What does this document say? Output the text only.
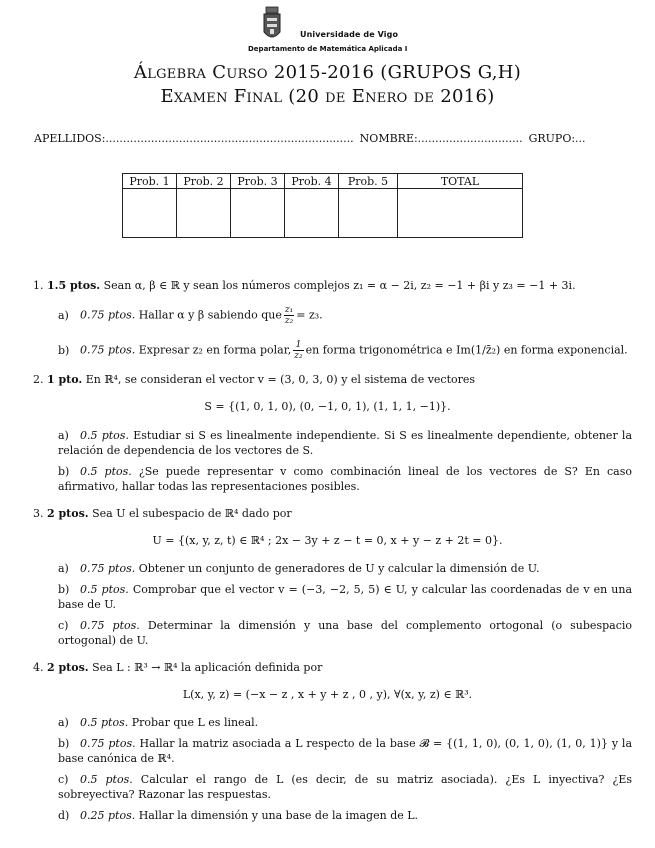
Universidade de Vigo
Departamento de Matemática Aplicada I
Álgebra Curso 2015-2016 (GRUPOS G,H)
Examen Final (20 de Enero de 2016)
APELLIDOS:....................................................................... NOMBRE:.............................. GRUPO:...
Prob. 1	Prob. 2	Prob. 3	Prob. 4	Prob. 5	TOTAL

1. 1.5 ptos. Sean α, β ∈ ℝ y sean los números complejos z₁ = α − 2i, z₂ = −1 + βi y z₃ = −1 + 3i.
a) 0.75 ptos. Hallar α y β sabiendo que $\frac{\text{z₁}}{\text{z₂}} = z_3$.
b) 0.75 ptos. Expresar z₂ en forma polar, $\frac{1}{\text{z₂}}$ en forma trigonométrica e Im(1/z̄₂) en forma exponencial.
2. 1 pto. En ℝ⁴, se consideran el vector v = (3, 0, 3, 0) y el sistema de vectores
S = {(1, 0, 1, 0), (0, −1, 0, 1), (1, 1, 1, −1)}.
a) 0.5 ptos. Estudiar si S es linealmente independiente. Si S es linealmente dependiente, obtener la relación de dependencia de los vectores de S.
b) 0.5 ptos. ¿Se puede representar v como combinación lineal de los vectores de S? En caso afirmativo, hallar todas las representaciones posibles.
3. 2 ptos. Sea U el subespacio de ℝ⁴ dado por
U = {(x, y, z, t) ∈ ℝ⁴ ; 2x − 3y + z − t = 0, x + y − z + 2t = 0}.
a) 0.75 ptos. Obtener un conjunto de generadores de U y calcular la dimensión de U.
b) 0.5 ptos. Comprobar que el vector v = (−3, −2, 5, 5) ∈ U, y calcular las coordenadas de v en una base de U.
c) 0.75 ptos. Determinar la dimensión y una base del complemento ortogonal (o subespacio ortogonal) de U.
4. 2 ptos. Sea L : ℝ³ → ℝ⁴ la aplicación definida por
L(x, y, z) = (−x − z , x + y + z , 0 , y), ∀(x, y, z) ∈ ℝ³.
a) 0.5 ptos. Probar que L es lineal.
b) 0.75 ptos. Hallar la matriz asociada a L respecto de la base 𝓑 = {(1, 1, 0), (0, 1, 0), (1, 0, 1)} y la base canónica de ℝ⁴.
c) 0.5 ptos. Calcular el rango de L (es decir, de su matriz asociada). ¿Es L inyectiva? ¿Es sobreyectiva? Razonar las respuestas.
d) 0.25 ptos. Hallar la dimensión y una base de la imagen de L.
